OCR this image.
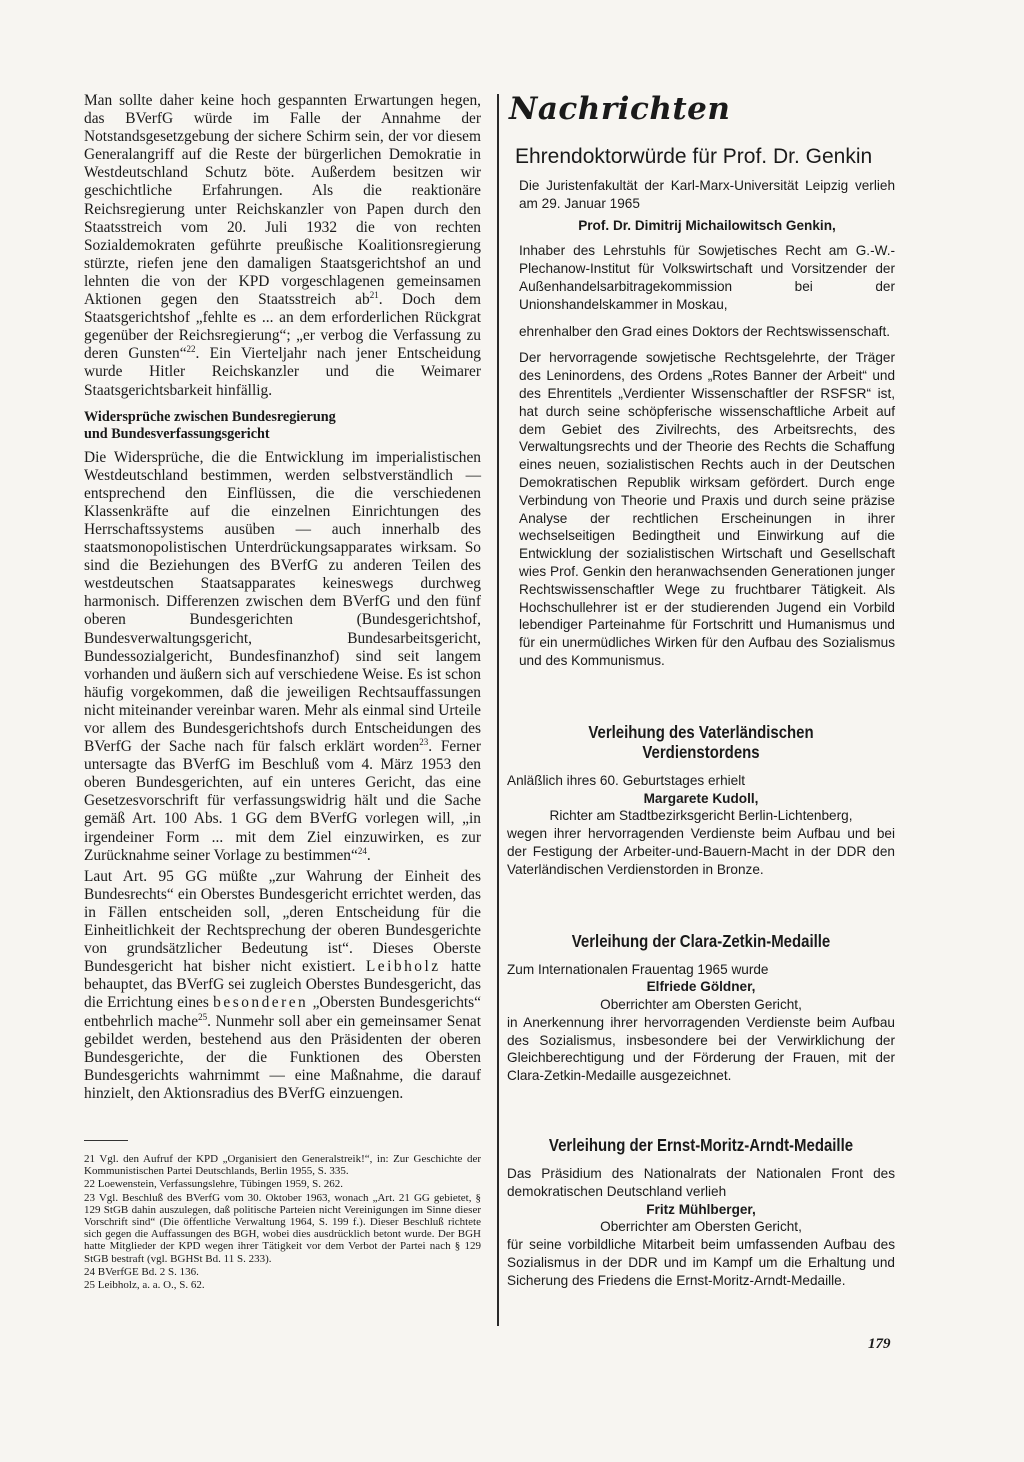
Man sollte daher keine hoch gespannten Erwartungen hegen, das BVerfG würde im Falle der Annahme der Notstandsgesetzgebung der sichere Schirm sein, der vor diesem Generalangriff auf die Reste der bürgerlichen Demokratie in Westdeutschland Schutz böte. Außerdem besitzen wir geschichtliche Erfahrungen. Als die reaktionäre Reichsregierung unter Reichskanzler von Papen durch den Staatsstreich vom 20. Juli 1932 die von rechten Sozialdemokraten geführte preußische Koalitionsregierung stürzte, riefen jene den damaligen Staatsgerichtshof an und lehnten die von der KPD vorgeschlagenen gemeinsamen Aktionen gegen den Staatsstreich $ab^{21}$. Doch dem Staatsgerichtshof „fehlte es ... an dem erforderlichen Rückgrat gegenüber der Reichsregierung“; „er verbog die Verfassung zu deren Gunsten“$^{22}$. Ein Vierteljahr nach jener Entscheidung wurde Hitler Reichskanzler und die Weimarer Staatsgerichtsbarkeit hinfällig.

Widersprüche zwischen Bundesregierung
und Bundesverfassungsgericht

Die Widersprüche, die die Entwicklung im imperialistischen Westdeutschland bestimmen, werden selbstverständlich — entsprechend den Einflüssen, die die verschiedenen Klassenkräfte auf die einzelnen Einrichtungen des Herrschaftssystems ausüben — auch innerhalb des staatsmonopolistischen Unterdrückungsapparates wirksam. So sind die Beziehungen des BVerfG zu anderen Teilen des westdeutschen Staatsapparates keineswegs durchweg harmonisch. Differenzen zwischen dem BVerfG und den fünf oberen Bundesgerichten (Bundesgerichtshof, Bundesverwaltungsgericht, Bundesarbeitsgericht, Bundessozialgericht, Bundesfinanzhof) sind seit langem vorhanden und äußern sich auf verschiedene Weise. Es ist schon häufig vorgekommen, daß die jeweiligen Rechtsauffassungen nicht miteinander vereinbar waren. Mehr als einmal sind Urteile vor allem des Bundesgerichtshofs durch Entscheidungen des BVerfG der Sache nach für falsch erklärt worden$^{23}$. Ferner untersagte das BVerfG im Beschluß vom 4. März 1953 den oberen Bundesgerichten, auf ein unteres Gericht, das eine Gesetzesvorschrift für verfassungswidrig hält und die Sache gemäß Art. 100 Abs. 1 GG dem BVerfG vorlegen will, „in irgendeiner Form ... mit dem Ziel einzuwirken, es zur Zurücknahme seiner Vorlage zu bestimmen“$^{24}$.

Laut Art. 95 GG müßte „zur Wahrung der Einheit des Bundesrechts“ ein Oberstes Bundesgericht errichtet werden, das in Fällen entscheiden soll, „deren Entscheidung für die Einheitlichkeit der Rechtsprechung der oberen Bundesgerichte von grundsätzlicher Bedeutung ist“. Dieses Oberste Bundesgericht hat bisher nicht existiert. Leibholz hatte behauptet, das BVerfG sei zugleich Oberstes Bundesgericht, das die Errichtung eines besonderen „Obersten Bundesgerichts“ entbehrlich mache$^{25}$. Nunmehr soll aber ein gemeinsamer Senat gebildet werden, bestehend aus den Präsidenten der oberen Bundesgerichte, der die Funktionen des Obersten Bundesgerichts wahrnimmt — eine Maßnahme, die darauf hinzielt, den Aktionsradius des BVerfG einzuengen.

21 Vgl. den Aufruf der KPD „Organisiert den Generalstreik!“, in: Zur Geschichte der Kommunistischen Partei Deutschlands, Berlin 1955, S. 335.

22 Loewenstein, Verfassungslehre, Tübingen 1959, S. 262.

23 Vgl. Beschluß des BVerfG vom 30. Oktober 1963, wonach „Art. 21 GG gebietet, § 129 StGB dahin auszulegen, daß politische Parteien nicht Vereinigungen im Sinne dieser Vorschrift sind“ (Die öffentliche Verwaltung 1964, S. 199 f.). Dieser Beschluß richtete sich gegen die Auffassungen des BGH, wobei dies ausdrücklich betont wurde. Der BGH hatte Mitglieder der KPD wegen ihrer Tätigkeit vor dem Verbot der Partei nach § 129 StGB bestraft (vgl. BGHSt Bd. 11 S. 233).

24 BVerfGE Bd. 2 S. 136.

25 Leibholz, a. a. O., S. 62.

Nachrichten
Ehrendoktorwürde für Prof. Dr. Genkin

Die Juristenfakultät der Karl-Marx-Universität Leipzig verlieh am 29. Januar 1965

Prof. Dr. Dimitrij Michailowitsch Genkin,

Inhaber des Lehrstuhls für Sowjetisches Recht am G.-W.-Plechanow-Institut für Volkswirtschaft und Vorsitzender der Außenhandelsarbitragekommission bei der Unionshandelskammer in Moskau,

ehrenhalber den Grad eines Doktors der Rechtswissenschaft.

Der hervorragende sowjetische Rechtsgelehrte, der Träger des Leninordens, des Ordens „Rotes Banner der Arbeit“ und des Ehrentitels „Verdienter Wissenschaftler der RSFSR“ ist, hat durch seine schöpferische wissenschaftliche Arbeit auf dem Gebiet des Zivilrechts, des Arbeitsrechts, des Verwaltungsrechts und der Theorie des Rechts die Schaffung eines neuen, sozialistischen Rechts auch in der Deutschen Demokratischen Republik wirksam gefördert. Durch enge Verbindung von Theorie und Praxis und durch seine präzise Analyse der rechtlichen Erscheinungen in ihrer wechselseitigen Bedingtheit und Einwirkung auf die Entwicklung der sozialistischen Wirtschaft und Gesellschaft wies Prof. Genkin den heranwachsenden Generationen junger Rechtswissenschaftler Wege zu fruchtbarer Tätigkeit. Als Hochschullehrer ist er der studierenden Jugend ein Vorbild lebendiger Parteinahme für Fortschritt und Humanismus und für ein unermüdliches Wirken für den Aufbau des Sozialismus und des Kommunismus.

Verleihung des Vaterländischen Verdienstordens

Anläßlich ihres 60. Geburtstages erhielt

Margarete Kudoll,

Richter am Stadtbezirksgericht Berlin-Lichtenberg,

wegen ihrer hervorragenden Verdienste beim Aufbau und bei der Festigung der Arbeiter-und-Bauern-Macht in der DDR den Vaterländischen Verdienstorden in Bronze.

Verleihung der Clara-Zetkin-Medaille

Zum Internationalen Frauentag 1965 wurde

Elfriede Göldner,

Oberrichter am Obersten Gericht,

in Anerkennung ihrer hervorragenden Verdienste beim Aufbau des Sozialismus, insbesondere bei der Verwirklichung der Gleichberechtigung und der Förderung der Frauen, mit der Clara-Zetkin-Medaille ausgezeichnet.

Verleihung der Ernst-Moritz-Arndt-Medaille

Das Präsidium des Nationalrats der Nationalen Front des demokratischen Deutschland verlieh

Fritz Mühlberger,

Oberrichter am Obersten Gericht,

für seine vorbildliche Mitarbeit beim umfassenden Aufbau des Sozialismus in der DDR und im Kampf um die Erhaltung und Sicherung des Friedens die Ernst-Moritz-Arndt-Medaille.

179
